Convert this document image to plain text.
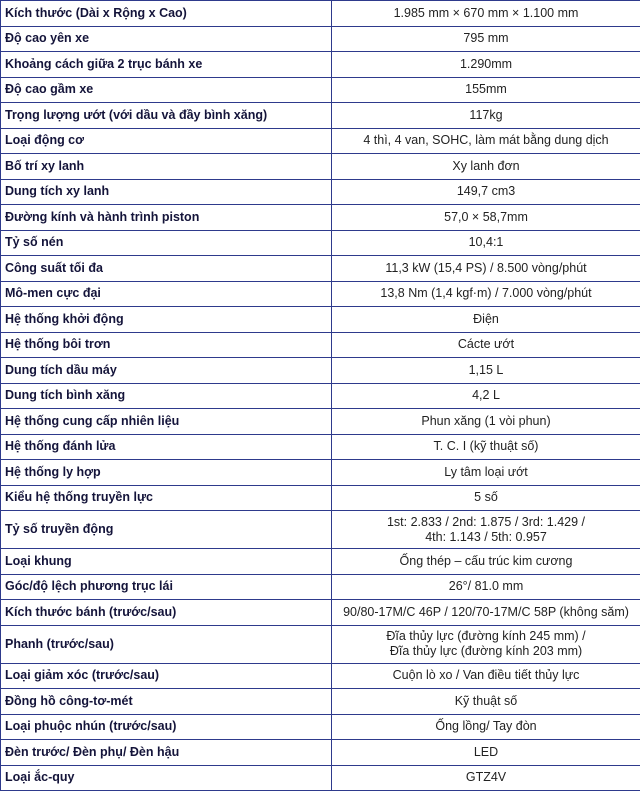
Kích thước (Dài x Rộng x Cao)	1.985 mm × 670 mm × 1.100 mm
Độ cao yên xe	795 mm
Khoảng cách giữa 2 trục bánh xe	1.290mm
Độ cao gầm xe	155mm
Trọng lượng ướt (với dầu và đầy bình xăng)	117kg
Loại động cơ	4 thì, 4 van, SOHC, làm mát bằng dung dịch
Bố trí xy lanh	Xy lanh đơn
Dung tích xy lanh	149,7 cm3
Đường kính và hành trình piston	57,0 × 58,7mm
Tỷ số nén	10,4:1
Công suất tối đa	11,3 kW (15,4 PS) / 8.500 vòng/phút
Mô-men cực đại	13,8 Nm (1,4 kgf·m) / 7.000 vòng/phút
Hệ thống khởi động	Điện
Hệ thống bôi trơn	Cácte ướt
Dung tích dầu máy	1,15 L
Dung tích bình xăng	4,2 L
Hệ thống cung cấp nhiên liệu	Phun xăng (1 vòi phun)
Hệ thống đánh lửa	T. C. I (kỹ thuật số)
Hệ thống ly hợp	Ly tâm loại ướt
Kiểu hệ thống truyền lực	5 số
Tỷ số truyền động	1st: 2.833 / 2nd: 1.875 / 3rd: 1.429 /
4th: 1.143 / 5th: 0.957
Loại khung	Ống thép – cấu trúc kim cương
Góc/độ lệch phương trục lái	26°/ 81.0 mm
Kích thước bánh (trước/sau)	90/80-17M/C 46P / 120/70-17M/C 58P (không săm)
Phanh (trước/sau)	Đĩa thủy lực (đường kính 245 mm) /
Đĩa thủy lực (đường kính 203 mm)
Loại giảm xóc (trước/sau)	Cuộn lò xo / Van điều tiết thủy lực
Đồng hồ công-tơ-mét	Kỹ thuật số
Loại phuộc nhún (trước/sau)	Ống lồng/ Tay đòn
Đèn trước/ Đèn phụ/ Đèn hậu	LED
Loại ắc-quy	GTZ4V
